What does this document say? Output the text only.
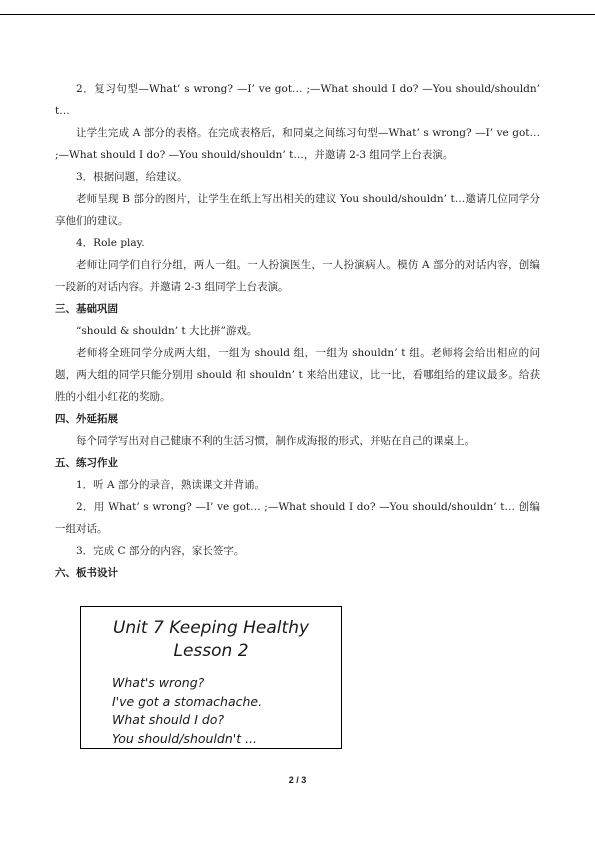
2．复习句型—What’ s wrong? —I’ ve got… ;—What should I do? —You should/shouldn’ t…

让学生完成 A 部分的表格。在完成表格后，和同桌之间练习句型—What’ s wrong? —I’ ve got… ;—What should I do? —You should/shouldn’ t…，并邀请 2-3 组同学上台表演。

3．根据问题，给建议。

老师呈现 B 部分的图片，让学生在纸上写出相关的建议 You should/shouldn’ t…邀请几位同学分享他们的建议。

4．Role play.

老师让同学们自行分组，两人一组。一人扮演医生，一人扮演病人。模仿 A 部分的对话内容，创编一段新的对话内容。并邀请 2-3 组同学上台表演。

三、基础巩固

“should & shouldn’ t 大比拼”游戏。

老师将全班同学分成两大组，一组为 should 组，一组为 shouldn’ t 组。老师将会给出相应的问题，两大组的同学只能分别用 should 和 shouldn’ t 来给出建议，比一比，看哪组给的建议最多。给获胜的小组小红花的奖励。

四、外延拓展

每个同学写出对自己健康不利的生活习惯，制作成海报的形式，并贴在自己的课桌上。

五、练习作业

1．听 A 部分的录音，熟读课文并背诵。

2．用 What’ s wrong? —I’ ve got… ;—What should I do? —You should/shouldn’ t… 创编一组对话。

3．完成 C 部分的内容，家长签字。

六、板书设计

Unit 7 Keeping Healthy
Lesson 2

What's wrong?

I've got a stomachache.

What should I do?

You should/shouldn't ...

2 / 3
